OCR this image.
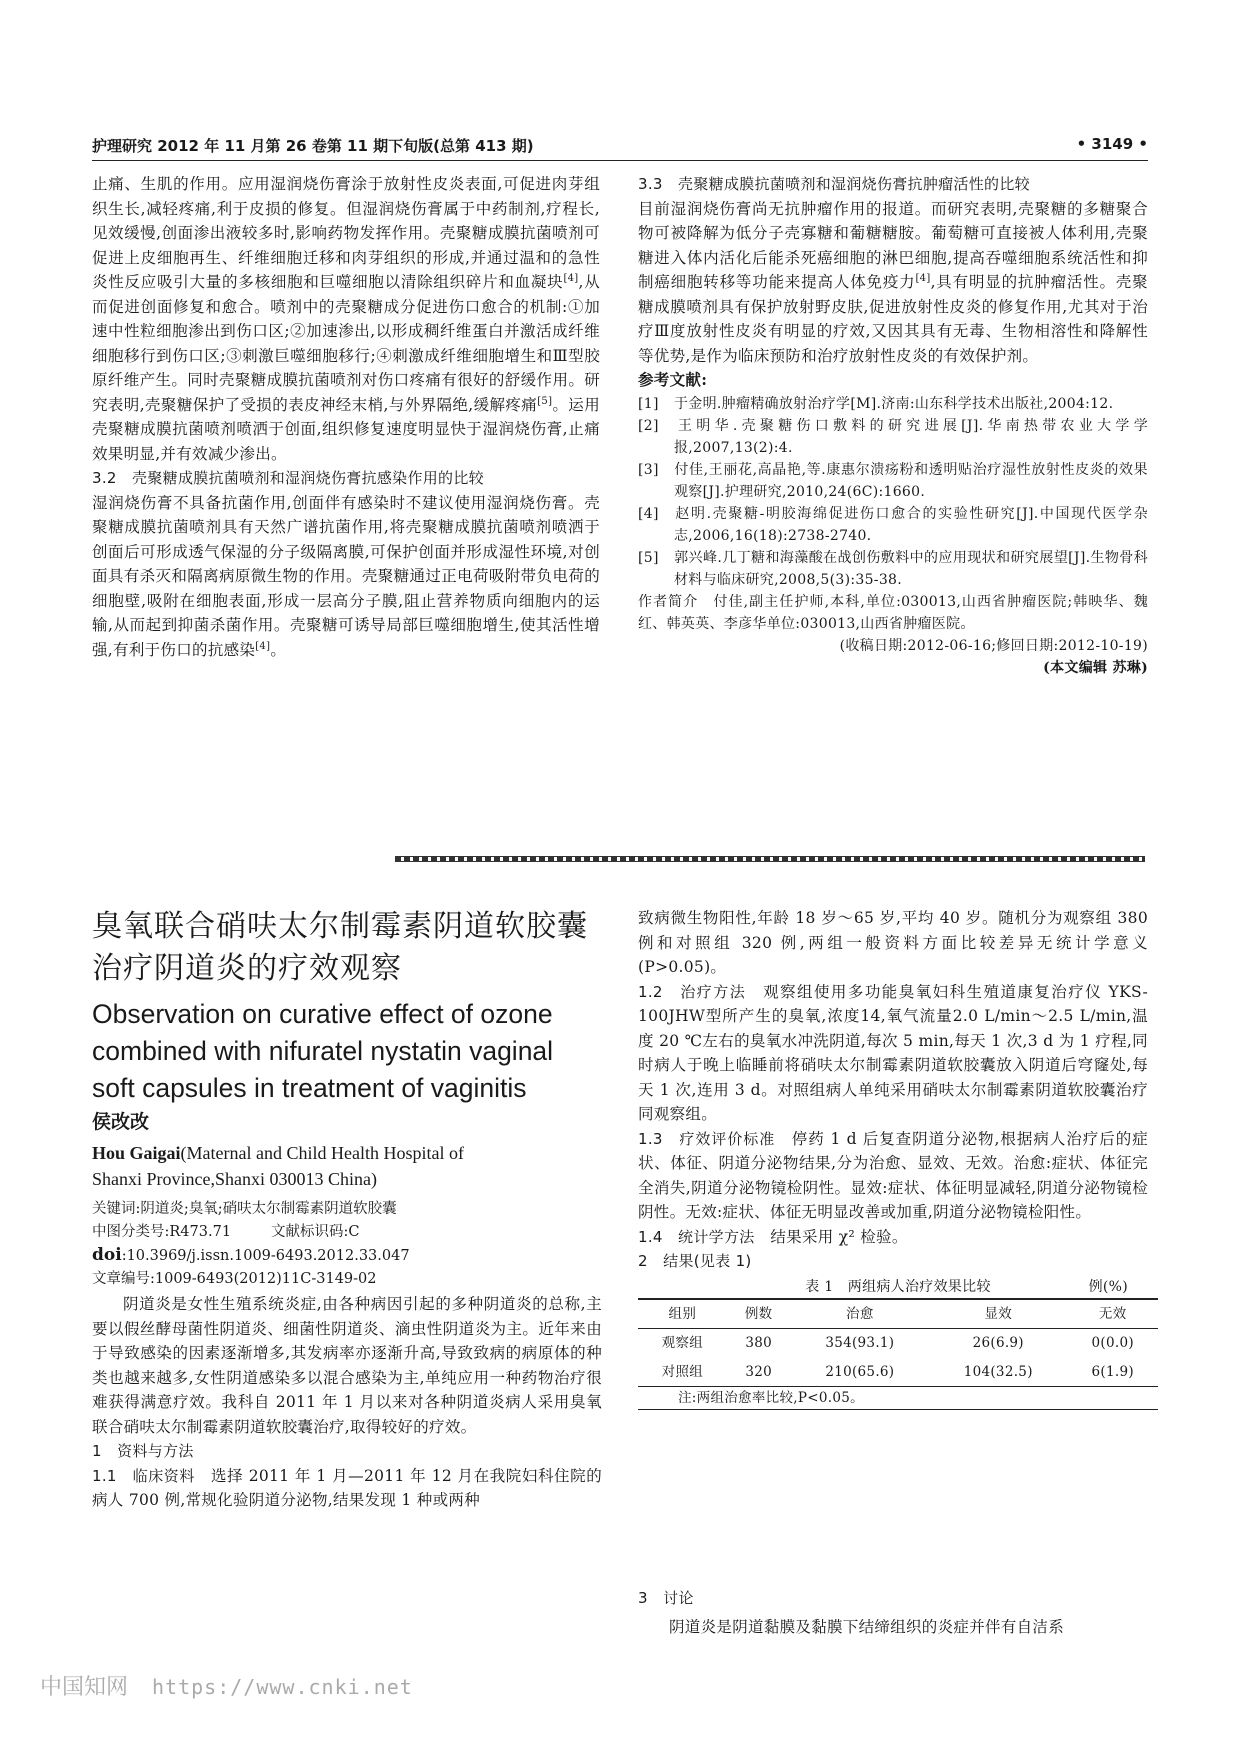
护理研究 2012 年 11 月第 26 卷第 11 期下旬版(总第 413 期)	• 3149 •

止痛、生肌的作用。应用湿润烧伤膏涂于放射性皮炎表面,可促进肉芽组织生长,减轻疼痛,利于皮损的修复。但湿润烧伤膏属于中药制剂,疗程长,见效缓慢,创面渗出液较多时,影响药物发挥作用。壳聚糖成膜抗菌喷剂可促进上皮细胞再生、纤维细胞迁移和肉芽组织的形成,并通过温和的急性炎性反应吸引大量的多核细胞和巨噬细胞以清除组织碎片和血凝块[4],从而促进创面修复和愈合。喷剂中的壳聚糖成分促进伤口愈合的机制:①加速中性粒细胞渗出到伤口区;②加速渗出,以形成稠纤维蛋白并激活成纤维细胞移行到伤口区;③刺激巨噬细胞移行;④刺激成纤维细胞增生和Ⅲ型胶原纤维产生。同时壳聚糖成膜抗菌喷剂对伤口疼痛有很好的舒缓作用。研究表明,壳聚糖保护了受损的表皮神经末梢,与外界隔绝,缓解疼痛[5]。运用壳聚糖成膜抗菌喷剂喷洒于创面,组织修复速度明显快于湿润烧伤膏,止痛效果明显,并有效减少渗出。

3.2　壳聚糖成膜抗菌喷剂和湿润烧伤膏抗感染作用的比较

湿润烧伤膏不具备抗菌作用,创面伴有感染时不建议使用湿润烧伤膏。壳聚糖成膜抗菌喷剂具有天然广谱抗菌作用,将壳聚糖成膜抗菌喷剂喷洒于创面后可形成透气保湿的分子级隔离膜,可保护创面并形成湿性环境,对创面具有杀灭和隔离病原微生物的作用。壳聚糖通过正电荷吸附带负电荷的细胞壁,吸附在细胞表面,形成一层高分子膜,阻止营养物质向细胞内的运输,从而起到抑菌杀菌作用。壳聚糖可诱导局部巨噬细胞增生,使其活性增强,有利于伤口的抗感染[4]。

3.3　壳聚糖成膜抗菌喷剂和湿润烧伤膏抗肿瘤活性的比较

目前湿润烧伤膏尚无抗肿瘤作用的报道。而研究表明,壳聚糖的多糖聚合物可被降解为低分子壳寡糖和葡糖糖胺。葡萄糖可直接被人体利用,壳聚糖进入体内活化后能杀死癌细胞的淋巴细胞,提高吞噬细胞系统活性和抑制癌细胞转移等功能来提高人体免疫力[4],具有明显的抗肿瘤活性。壳聚糖成膜喷剂具有保护放射野皮肤,促进放射性皮炎的修复作用,尤其对于治疗Ⅲ度放射性皮炎有明显的疗效,又因其具有无毒、生物相溶性和降解性等优势,是作为临床预防和治疗放射性皮炎的有效保护剂。

参考文献:

[1] 于金明.肿瘤精确放射治疗学[M].济南:山东科学技术出版社,2004:12.

[2] 王明华.壳聚糖伤口敷料的研究进展[J].华南热带农业大学学报,2007,13(2):4.

[3] 付佳,王丽花,高晶艳,等.康惠尔溃疡粉和透明贴治疗湿性放射性皮炎的效果观察[J].护理研究,2010,24(6C):1660.

[4] 赵明.壳聚糖-明胶海绵促进伤口愈合的实验性研究[J].中国现代医学杂志,2006,16(18):2738-2740.

[5] 郭兴峰.几丁糖和海藻酸在战创伤敷料中的应用现状和研究展望[J].生物骨科材料与临床研究,2008,5(3):35-38.

作者简介　付佳,副主任护师,本科,单位:030013,山西省肿瘤医院;韩映华、魏红、韩英英、李彦华单位:030013,山西省肿瘤医院。

(收稿日期:2012-06-16;修回日期:2012-10-19)

(本文编辑 苏琳)

臭氧联合硝呋太尔制霉素阴道软胶囊
治疗阴道炎的疗效观察
Observation on curative effect of ozone
combined with nifuratel nystatin vaginal
soft capsules in treatment of vaginitis
侯改改
Hou Gaigai(Maternal and Child Health Hospital of
Shanxi Province,Shanxi 030013 China)
关键词:阴道炎;臭氧;硝呋太尔制霉素阴道软胶囊
中图分类号:R473.71	文献标识码:C
doi:10.3969/j.issn.1009-6493.2012.33.047
文章编号:1009-6493(2012)11C-3149-02

阴道炎是女性生殖系统炎症,由各种病因引起的多种阴道炎的总称,主要以假丝酵母菌性阴道炎、细菌性阴道炎、滴虫性阴道炎为主。近年来由于导致感染的因素逐渐增多,其发病率亦逐渐升高,导致致病的病原体的种类也越来越多,女性阴道感染多以混合感染为主,单纯应用一种药物治疗很难获得满意疗效。我科自 2011 年 1 月以来对各种阴道炎病人采用臭氧联合硝呋太尔制霉素阴道软胶囊治疗,取得较好的疗效。

1　资料与方法

1.1　临床资料　 选择 2011 年 1 月—2011 年 12 月在我院妇科住院的病人 700 例,常规化验阴道分泌物,结果发现 1 种或两种

致病微生物阳性,年龄 18 岁～65 岁,平均 40 岁。随机分为观察组 380 例和对照组 320 例,两组一般资料方面比较差异无统计学意义(P>0.05)。

1.2　治疗方法　 观察组使用多功能臭氧妇科生殖道康复治疗仪 YKS-100JHW型所产生的臭氧,浓度14,氧气流量2.0 L/min～2.5 L/min,温度 20 ℃左右的臭氧水冲洗阴道,每次 5 min,每天 1 次,3 d 为 1 疗程,同时病人于晚上临睡前将硝呋太尔制霉素阴道软胶囊放入阴道后穹窿处,每天 1 次,连用 3 d。对照组病人单纯采用硝呋太尔制霉素阴道软胶囊治疗同观察组。

1.3　疗效评价标准　 停药 1 d 后复查阴道分泌物,根据病人治疗后的症状、体征、阴道分泌物结果,分为治愈、显效、无效。治愈:症状、体征完全消失,阴道分泌物镜检阴性。显效:症状、体征明显减轻,阴道分泌物镜检阴性。无效:症状、体征无明显改善或加重,阴道分泌物镜检阳性。

1.4　统计学方法　 结果采用 χ² 检验。

2　结果(见表 1)

表 1　两组病人治疗效果比较	例(%)
组别	例数	治愈	显效	无效
观察组	380	354(93.1)	26(6.9)	0(0.0)
对照组	320	210(65.6)	104(32.5)	6(1.9)
注:两组治愈率比较,P<0.05。

3　讨论

阴道炎是阴道黏膜及黏膜下结缔组织的炎症并伴有自洁系

中国知网 https://www.cnki.net
